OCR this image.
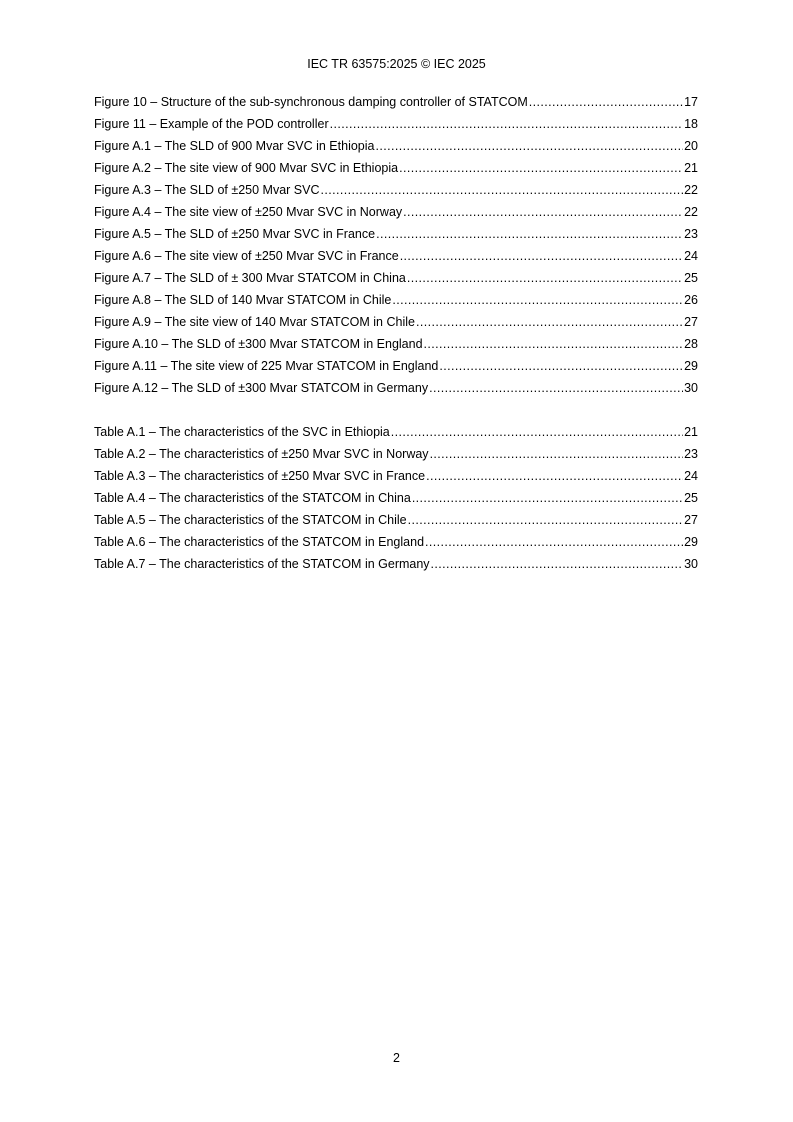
IEC TR 63575:2025 © IEC 2025
Figure 10 – Structure of the sub-synchronous damping controller of STATCOM .....	17
Figure 11 – Example of the POD controller .....	18
Figure A.1 – The SLD of 900 Mvar SVC in Ethiopia .....	20
Figure A.2 – The site view of 900 Mvar SVC in Ethiopia .....	21
Figure A.3 – The SLD of ±250 Mvar SVC .....	22
Figure A.4 – The site view of ±250 Mvar SVC in Norway .....	22
Figure A.5 – The SLD of ±250 Mvar SVC in France .....	23
Figure A.6 – The site view of ±250 Mvar SVC in France .....	24
Figure A.7 – The SLD of ± 300 Mvar STATCOM in China .....	25
Figure A.8 – The SLD of 140 Mvar STATCOM in Chile .....	26
Figure A.9 – The site view of 140 Mvar STATCOM in Chile .....	27
Figure A.10 – The SLD of ±300 Mvar STATCOM in England .....	28
Figure A.11 – The site view of 225 Mvar STATCOM in England .....	29
Figure A.12 – The SLD of ±300 Mvar STATCOM in Germany .....	30
Table A.1 – The characteristics of the SVC in Ethiopia .....	21
Table A.2 – The characteristics of ±250 Mvar SVC in Norway .....	23
Table A.3 – The characteristics of ±250 Mvar SVC in France .....	24
Table A.4 – The characteristics of the STATCOM in China .....	25
Table A.5 – The characteristics of the STATCOM in Chile .....	27
Table A.6 – The characteristics of the STATCOM in England .....	29
Table A.7 – The characteristics of the STATCOM in Germany .....	30
2
